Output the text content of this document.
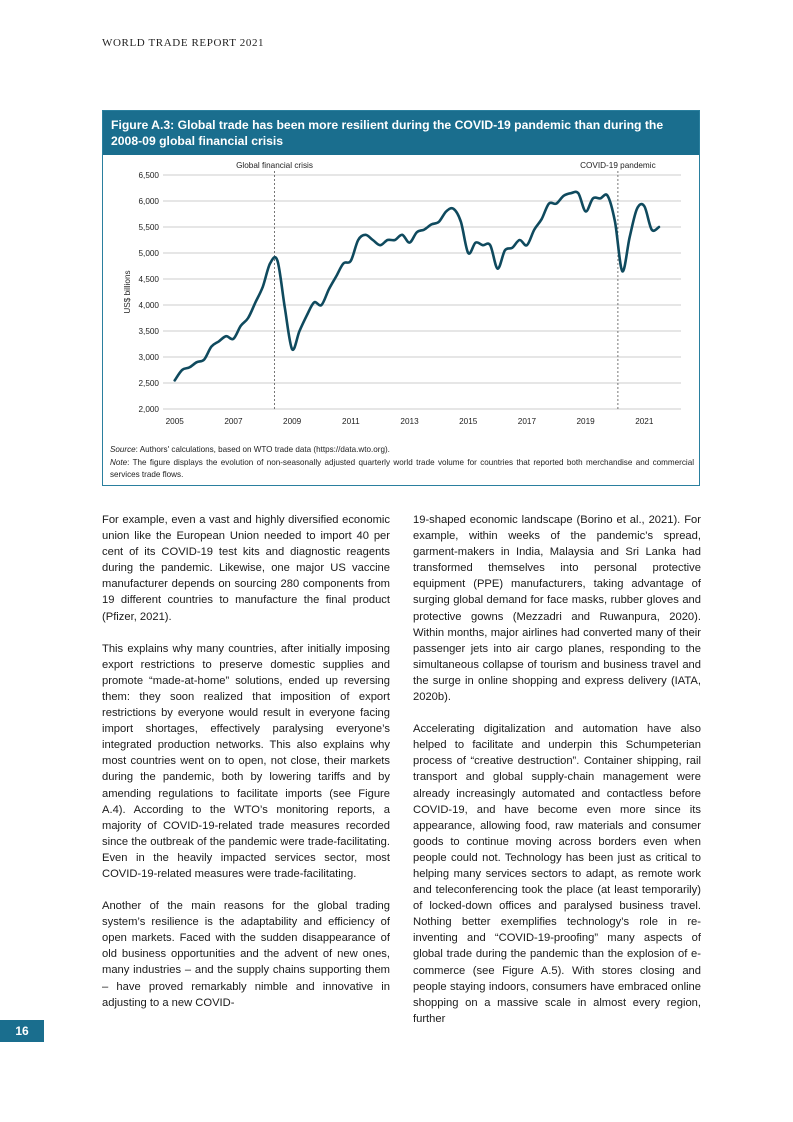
WORLD TRADE REPORT 2021
Figure A.3: Global trade has been more resilient during the COVID-19 pandemic than during the 2008-09 global financial crisis
2,000
2,500
3,000
3,500
4,000
4,500
5,000
5,500
6,000
6,500
2005	2007	2009	2011	2013	2015	2017	2019	2021
US$ billions
Global financial crisis	COVID-19 pandemic

Source: Authors' calculations, based on WTO trade data (https://data.wto.org).

Note: The figure displays the evolution of non-seasonally adjusted quarterly world trade volume for countries that reported both merchandise and commercial services trade flows.

For example, even a vast and highly diversified economic union like the European Union needed to import 40 per cent of its COVID-19 test kits and diagnostic reagents during the pandemic. Likewise, one major US vaccine manufacturer depends on sourcing 280 components from 19 different countries to manufacture the final product (Pfizer, 2021).

This explains why many countries, after initially imposing export restrictions to preserve domestic supplies and promote “made-at-home” solutions, ended up reversing them: they soon realized that imposition of export restrictions by everyone would result in everyone facing import shortages, effectively paralysing everyone’s integrated production networks. This also explains why most countries went on to open, not close, their markets during the pandemic, both by lowering tariffs and by amending regulations to facilitate imports (see Figure A.4). According to the WTO’s monitoring reports, a majority of COVID-19-related trade measures recorded since the outbreak of the pandemic were trade-facilitating. Even in the heavily impacted services sector, most COVID-19-related measures were trade-facilitating.

Another of the main reasons for the global trading system’s resilience is the adaptability and efficiency of open markets. Faced with the sudden disappearance of old business opportunities and the advent of new ones, many industries – and the supply chains supporting them – have proved remarkably nimble and innovative in adjusting to a new COVID-

19-shaped economic landscape (Borino et al., 2021). For example, within weeks of the pandemic’s spread, garment-makers in India, Malaysia and Sri Lanka had transformed themselves into personal protective equipment (PPE) manufacturers, taking advantage of surging global demand for face masks, rubber gloves and protective gowns (Mezzadri and Ruwanpura, 2020). Within months, major airlines had converted many of their passenger jets into air cargo planes, responding to the simultaneous collapse of tourism and business travel and the surge in online shopping and express delivery (IATA, 2020b).

Accelerating digitalization and automation have also helped to facilitate and underpin this Schumpeterian process of “creative destruction”. Container shipping, rail transport and global supply-chain management were already increasingly automated and contactless before COVID-19, and have become even more since its appearance, allowing food, raw materials and consumer goods to continue moving across borders even when people could not. Technology has been just as critical to helping many services sectors to adapt, as remote work and teleconferencing took the place (at least temporarily) of locked-down offices and paralysed business travel. Nothing better exemplifies technology’s role in re-inventing and “COVID-19-proofing” many aspects of global trade during the pandemic than the explosion of e-commerce (see Figure A.5). With stores closing and people staying indoors, consumers have embraced online shopping on a massive scale in almost every region, further

16
